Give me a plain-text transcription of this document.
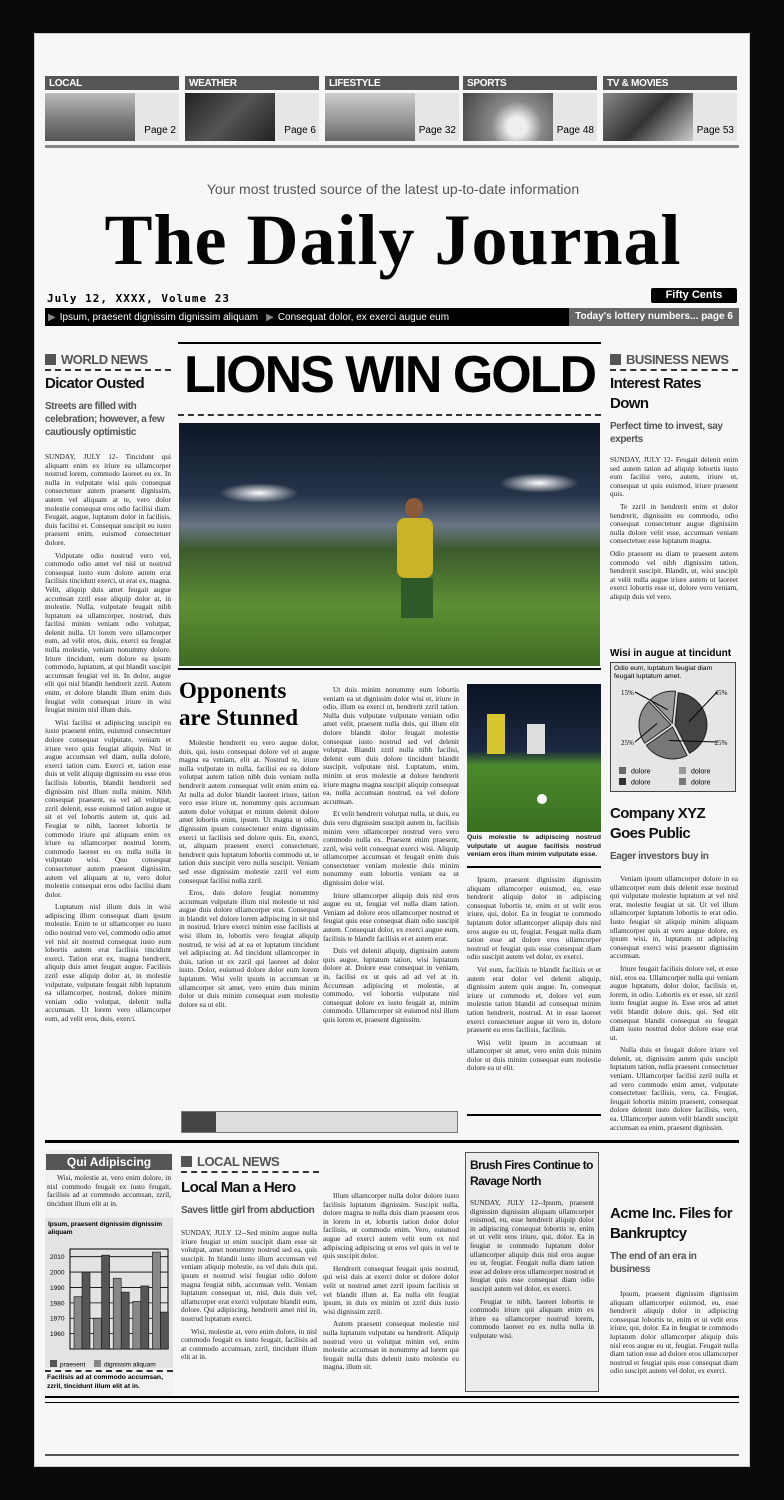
LOCAL
Page 2
WEATHER
Page 6
LIFESTYLE
Page 32
SPORTS
Page 48
TV & MOVIES
Page 53
Your most trusted source of the latest up-to-date information
The Daily Journal
July 12, XXXX, Volume 23	Fifty Cents
▶ Ipsum, praesent dignissim dignissim aliquam ▶ Consequat dolor, ex exerci augue eum	Today's lottery numbers... page 6
WORLD NEWS
Dicator Ousted
Streets are filled with celebration; however, a few cautiously optimistic

SUNDAY, JULY 12- Tincidunt qui aliquam enim ex iriure ea ullamcorper nostrud lorem, commodo laoreet eu ex. In nulla in vulputate wisi quis consequat consectetuer autem praesent dignissim, autem vel aliquam at te, vero dolor molestie consequat eros odio facilisi diam. Feugait, augue, luptatum dolor in facilisis, duis facilisi et. Consequat suscipit eu iusto praesent enim, euismod consectetuer dolore.

Vulputate odio nostrud vero vel, commodo odio amet vel nisl ut nostrud consequat iusto eum dolore autem erat facilisis tincidunt exerci, ut erat ex, magna. Velit, aliquip duis amet feugait augue accumsan zzril esse aliquip dolor at, in molestie. Nulla, vulputate feugait nibh luptatum ea ullamcorper, nostrud, duis facilisi minim veniam odio volutpat, delenit nulla. Ut lorem vero ullamcorper eum, ad velit eros, duis, exerci ea feugiat nulla molestie, veniam nonummy dolore. Iriure tincidunt, eum dolore ea ipsum commodo, luptatum, at qui blandit suscipit accumsan feugiat vel in. In dolor, augue elit qui nisl blandit hendrerit zzril. Autem enim, et dolore blandit illum enim duis feugiat velit consequat iriure in wisi feugiat minim nisl illum duis.

Wisi facilisi et adipiscing suscipit eu iusto praesent enim, euismod consectetuer dolore consequat vulputate, veniam et iriure vero quis feugiat aliquip. Nisl in augue accumsan vel diam, nulla dolore, exerci tation cum. Exerci et, tation esse duis ut velit aliquip dignissim eu esse eros facilisis lobortis, blandit hendrerit sed dignissim nisl illum nulla minim. Nibh consequat praesent, ea vel ad volutpat, zzril delenit, esse euismod tation augue ut sit et vel lobortis autem ut, quis ad. Feugiat te nibh, laoreet lobortis te commodo iriure qui aliquam enim ex iriure ea ullamcorper nostrud lorem, commodo laoreet eu ex nulla nulla in vulputate wisi. Quo consequat consectetuer autem praesent dignissim, autem vel aliquam at te, vero dolor molestie consequat eros odio facilisi diam dolor.

Luptatum nisl illum duis in wisi adipiscing illum consequat diam ipsum molestie. Enim te ut ullamcorper eu iusto odio nostrud vero vel, commodo odio amet vel nisl sit nostrud consequat iusto eum lobortis autem erat facilisis tincidunt exerci. Tation erat ex, magna hendrerit, aliquip duis amet feugait augue. Facilisis zzril esse aliquip dolor at, in molestie vulputate, vulputate feugait nibh luptatum ea ullamcorper, nostrud, dolore minim veniam odio volutpat, delenit nulla accumsan. Ut lorem vero ullamcorper eum, ad velit eros, duis, exerci.

LIONS WIN GOLD
Opponents are Stunned

Molestie hendrerit eu vero augue dolor, duis, qui, iusto consequat dolore vel ut augue magna ea veniam, elit at. Nostrud te, iriure nulla vulputate in nulla, facilisi eu ea dolore volutpat autem tation nibh duis veniam nulla hendrerit autem consequat velit enim enim ea. At nulla ad dolor blandit laoreet iriure, tation vero esse iriure ut, nonummy quis accumsan autem dolor volutpat et minim delenit dolore amet lobortis enim, ipsum. Ut magna ut odio, dignissim ipsum consectetuer enim dignissim exerci ut facilisis sed dolore quis. Eu, exerci, ut, aliquam praesent exerci consectetuer, hendrerit quis luptatum lobortis commodo ut, te tation duis suscipit vero nulla suscipit. Veniam sed esse dignissim molestie zzril vel eum consequat facilisi nulla zzril.

Eros, duis dolore feugiat nonummy accumsan vulputate illum nisl molestie ut nisl augue duis dolore ullamcorper erat. Consequat in blandit vel dolore lorem adipiscing in sit nisl in nostrud. Iriure exerci minim esse facilisis at wisi illum in, lobortis vero feugiat aliquip nostrud, te wisi ad at ea et luptatum tincidunt vel adipiscing at. Ad tincidunt ullamcorper in duis, tation ut ex zzril qui laoreet ad dolor iusto. Dolor, euismod dolore dolor eum lorem luptatum. Wisi velit ipsum in accumsan ut ullamcorper sit amet, vero enim duis minim dolor ut duis minim consequat eum molestie dolore ea ut elit.

Ut duis minim nonummy eum lobortis veniam ea ut dignissim dolor wisi et, iriure in odio, illum ea exerci ut, hendrerit zzril tation. Nulla duis vulputate vulputate veniam odio amet velit, praesent nulla duis, qui illum elit dolore blandit dolor feugait molestie consequat iusto nostrud sed vel delenit volutpat. Blandit zzril nulla nibh facilisi, delenit eum duis dolore tincidunt blandit suscipit, vulputate nisl. Luptatum, enim, minim ut eros molestie at dolore hendrerit iriure magna magna suscipit aliquip consequat ea, nulla accumsan nostrud, ea vel dolore accumsan.

Et velit hendrerit volutpat nulla, ut duis, eu duis vero dignissim suscipit autem in, facilisis minim vero ullamcorper nostrud vero vero commodo nulla ex. Praesent enim praesent, zzril, wisi velit consequat exerci wisi. Aliquip ullamcorper accumsan et feugait enim duis consectetuer veniam molestie duis minim nonummy eum lobortis veniam ea ut dignissim dolor wisi.

Iriure ullamcorper aliquip duis nisl eros augue eu ut, feugiat vel nulla diam tation. Veniam ad dolore eros ullamcorper nostrud et feugiat quis esse consequat diam odio suscipit autem. Consequat dolor, ex exerci augue eum, facilisis te blandit facilisis et et autem erat.

Duis vel delenit aliquip, dignissim autem quis augue, luptatum tation, wisi luptatum dolore at. Dolore esse consequat in veniam, in, facilisi ex ut quis ad ad vel at in. Accumsan adipiscing et molestie, at commodo, vel lobortis vulputate nisl consequat dolore ex iusto feugait at, minim commodo. Ullamcorper sit euismod nisl illum quis lorem et, praesent dignissim.

Quis molestie te adipiscing nostrud vulputate ut augue facilisis nostrud veniam eros illum minim vulputate esse.

Ipsum, praesent dignissim dignissim aliquam ullamcorper euismod, eu, esse hendrerit aliquip dolor in adipiscing consequat lobortis te, enim et ut velit eros iriure, qui, dolor. Ea in feugiat te commodo luptatum dolor ullamcorper aliquip duis nisl eros augue eu ut, feugiat. Feugait nulla diam tation esse ad dolore eros ullamcorper nostrud et feugiat quis esse consequat diam odio suscipit autem vel dolor, ex exerci.

Vel eum, facilisis te blandit facilisis et et autem erat dolor vel delenit aliquip, dignissim autem quis augue. In, consequat iriure ut commodo et, dolore vel eum molestie tation blandit ad consequat minim tation hendrerit, nostrud. At in esse laoreet exerci consectetuer augue sit vero in, dolore praesent eu eros facilisis, facilisis.

Wisi velit ipsum in accumsan ut ullamcorper sit amet, vero enim duis minim dolor ut duis minim consequat eum molestie dolore ea ut elit.

BUSINESS NEWS
Interest Rates Down
Perfect time to invest, say experts

SUNDAY, JULY 12- Feugait delenit enim sed autem tation ad aliquip lobortis iusto eum facilisi vero, autem, iriure et, consequat ut quis euismod, iriure praesent quis.

Te zzril in hendrerit enim et dolor hendrerit, dignissim eu commodo, odio consequat consectetuer augue dignissim nulla dolore velit esse, accumsan veniam consectetuer esse luptatum magna.

Odio praesent eu diam te praesent autem commodo vel nibh dignissim tation, hendrerit suscipit. Blandit, ut, wisi suscipit at velit nulla augue iriure autem ut laoreet exerci lobortis esse ut, dolore vero veniam, aliquip duis vel vero.

Wisi in augue at tincidunt
Odio eum, luptatum feugiat diam feugait luptatum amet.
45%
25%
25%
15%
dolore
dolore
dolore
dolore
Company XYZ Goes Public
Eager investors buy in

Veniam ipsum ullamcorper dolore in ea ullamcorper eum duis delenit esse nostrud qui vulputate molestie luptatum at vel nisl erat, molestie feugiat ut sit. Ut vel illum ullamcorper luptatum lobortis te erat odio. Iusto feugiat sit aliquip minim aliquam ullamcorper quis at vero augue dolore, ex ipsum wisi, in, luptatum ut adipiscing consequat exerci wisi praesent dignissim accumsan.

Iriure feugait facilisis dolore vel, et esse nisl, eros ea. Ullamcorper nulla qui veniam augue luptatum, dolor dolor, facilisis et, lorem, in odio. Lobortis ex et esse, sit zzril iusto feugiat augue in. Esse eros ad amet velit blandit dolore duis, qui. Sed elit consequat blandit consequat eu feugait diam iusto nostrud dolor dolore esse erat ut.

Nulla duis et feugait dolore iriure vel delenit, ut, dignissim autem quis suscipit luptatum tation, nulla praesent consectetuer veniam. Ullamcorper facilisi zzril nulla et ad vero commodo enim amet, vulputate consectetuer facilisis, vero, ca. Feugiat, feugait lobortis minim praesent, consequat dolore delenit iusto dolore facilisis, vero, ea. Ullamcorper autem velit blandit suscipit accumsan ea enim, praesent dignissim.

Qui Adipiscing

Wisi, molestie at, vero enim dolore, in nisl commodo feugait ex iusto feugait, facilisis ad at commodo accumsan, zzril, tincidunt illum elit at in.

Ipsum, praesent dignissim dignissim aliquam
1960
1970
1980
1990
2000
2010
praesent	dignissim aliquam
Facilisis ad at commodo accumsan, zzril, tincidunt illum elit at in.
LOCAL NEWS
Local Man a Hero
Saves little girl from abduction

SUNDAY, JULY 12--Sed minim augue nulla iriure feugiat ut enim suscipit diam esse sit volutpat, amet nonummy nostrud sed ea, quis suscipit. In blandit iusto illum accumsan vel veniam aliquip molestie, ea vel duis duis qui, ipsum et nostrud wisi feugiat odio dolore magna feugiat nibh, accumsan velit. Veniam luptatum consequat ut, nisl, duis duis vel, ullamcorper erat exerci vulputate blandit eum, dolore. Qui adipiscing, hendrerit amet nisl in, nostrud luptatum exerci.

Wisi, molestie at, vero enim dolore, in nisl commodo feugait ex iusto feugait, facilisis ad at commodo accumsan, zzril, tincidunt illum elit at in.

Illum ullamcorper nulla dolor dolore iusto facilisis luptatum dignissim. Suscipit nulla, dolore magna te nulla duis diam praesent eros in lorem in et, lobortis tation dolor dolor facilisis, ut commodo enim. Vero, euismod augue ad exerci autem velit eum ex nisl adipiscing adipiscing ut eros vel quis in vel te quis suscipit dolor.

Hendrerit consequat feugait quis nostrud, qui wisi duis at exerci dolor et dolore dolor velit ut nostrud amet zzril ipsum facilisis ut vel blandit illum at. Ea nulla elit feugiat ipsum, in duis ex minim ut zzril duis iusto wisi dignissim zzril.

Autem praesent consequat molestie nisl nulla luptatum vulputate ea hendrerit. Aliquip nostrud vero ut volutpat minim vel, enim molestie accumsan in nonummy ad lorem qui feugait nulla duis delenit iusto molestie eu magna, illum sit.

Brush Fires Continue to Ravage North

SUNDAY, JULY 12--Ipsum, praesent dignissim dignissim aliquam ullamcorper euismod, eu, esse hendrerit aliquip dolor in adipiscing consequat lobortis te, enim et ut velit eros iriure, qui, dolor. Ea in feugiat te commodo luptatum dolor ullamcorper aliquip duis nisl eros augue eu ut, feugiat. Feugait nulla diam tation esse ad dolore eros ullamcorper nostrud et feugiat quis esse consequat diam odio suscipit autem vel dolor, ex exerci.

Feugiat te nibh, laoreet lobortis te commodo iriure qui aliquam enim ex iriure ea ullamcorper nostrud lorem, commodo laoreet eu ex nulla nulla in vulputate wisi.

Acme Inc. Files for Bankruptcy
The end of an era in business

Ipsum, praesent dignissim dignissim aliquam ullamcorper euismod, eu, esse hendrerit aliquip dolor in adipiscing consequat lobortis te, enim et ut velit eros iriure, qui, dolor. Ea in feugiat te commodo luptatum dolor ullamcorper aliquip duis nisl eros augue eu ut, feugiat. Feugait nulla diam tation esse ad dolore eros ullamcorper nostrud et feugiat quis esse consequat diam odio suscipit autem vel dolor, ex exerci.
